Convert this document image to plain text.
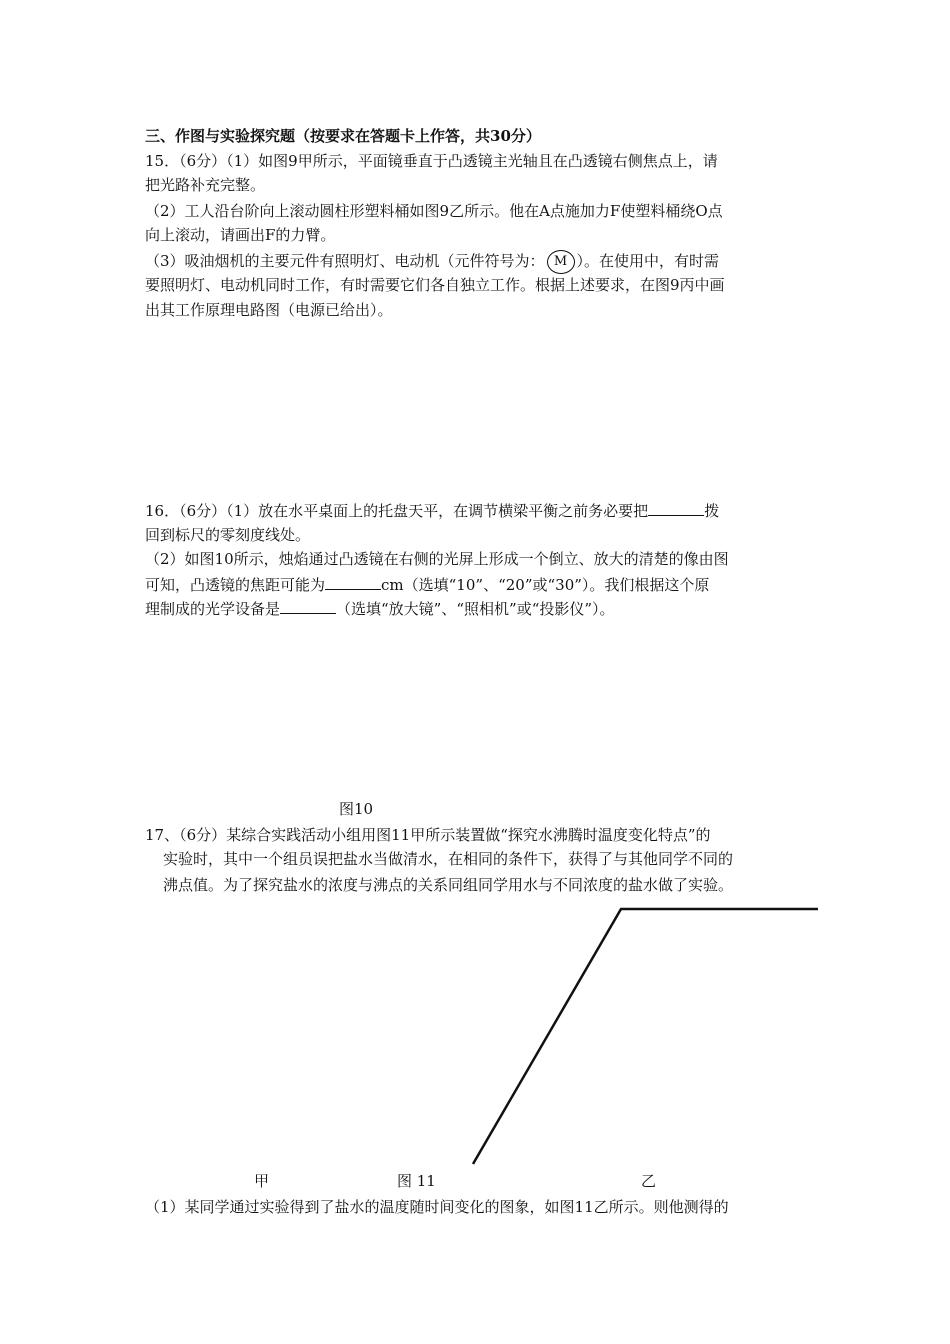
三、作图与实验探究题（按要求在答题卡上作答，共30分）
15．（6分）（1）如图9甲所示，平面镜垂直于凸透镜主光轴且在凸透镜右侧焦点上，请
把光路补充完整。
（2）工人沿台阶向上滚动圆柱形塑料桶如图9乙所示。他在A点施加力F使塑料桶绕O点
向上滚动，请画出F的力臂。
（3）吸油烟机的主要元件有照明灯、电动机（元件符号为： M ）。在使用中，有时需
要照明灯、电动机同时工作，有时需要它们各自独立工作。根据上述要求，在图9丙中画
出其工作原理电路图（电源已给出）。
16．（6分）（1）放在水平桌面上的托盘天平，在调节横梁平衡之前务必要把	拨
回到标尺的零刻度线处。
（2）如图10所示，烛焰通过凸透镜在右侧的光屏上形成一个倒立、放大的清楚的像由图
可知，凸透镜的焦距可能为	cm（选填“10”、“20”或“30”）。我们根据这个原
理制成的光学设备是	（选填“放大镜”、“照相机”或“投影仪”）。
图10
17、（6分）某综合实践活动小组用图11甲所示装置做“探究水沸腾时温度变化特点”的
实验时，其中一个组员误把盐水当做清水，在相同的条件下，获得了与其他同学不同的
沸点值。为了探究盐水的浓度与沸点的关系同组同学用水与不同浓度的盐水做了实验。
甲	图 11	乙
（1）某同学通过实验得到了盐水的温度随时间变化的图象，如图11乙所示。则他测得的
